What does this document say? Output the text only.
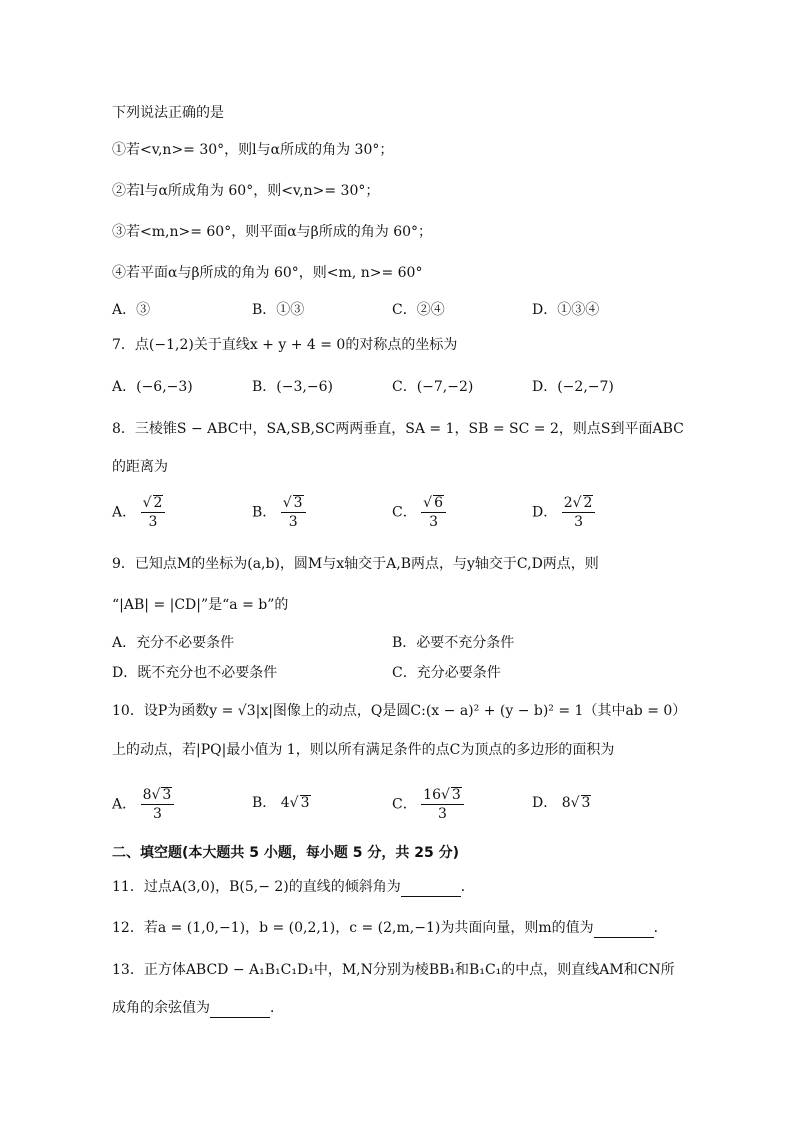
下列说法正确的是
①若<v,n>= 30°，则l与α所成的角为 30°；
②若l与α所成角为 60°，则<v,n>= 30°；
③若<m,n>= 60°，则平面α与β所成的角为 60°；
④若平面α与β所成的角为 60°，则<m, n>= 60°
A．③	B．①③	C．②④	D．①③④
7．点(−1,2)关于直线x + y + 4 = 0的对称点的坐标为
A．(−6,−3)	B．(−3,−6)	C．(−7,−2)	D．(−2,−7)
8．三棱锥S − ABC中，SA,SB,SC两两垂直，SA = 1，SB = SC = 2，则点S到平面ABC
的距离为
A． $\frac{√ 2}{3}$	B． $\frac{√ 3}{3}$	C． $\frac{√ 6}{3}$	D． $\frac{2√ 2}{3}$
9．已知点M的坐标为(a,b)，圆M与x轴交于A,B两点，与y轴交于C,D两点，则
“|AB| = |CD|”是“a = b”的
A．充分不必要条件	B．必要不充分条件
D．既不充分也不必要条件	C．充分必要条件
10．设P为函数y = √3|x|图像上的动点，Q是圆C:(x − a)² + (y − b)² = 1（其中ab = 0）
上的动点，若|PQ|最小值为 1，则以所有满足条件的点C为顶点的多边形的面积为
A． $\frac{8√ 3}{3}$	B． 4√ 3	C． $\frac{16√ 3}{3}$	D． 8√ 3
二、填空题(本大题共 5 小题，每小题 5 分，共 25 分)
11．过点A(3,0)，B(5,− 2)的直线的倾斜角为	．
12．若a = (1,0,−1)，b = (0,2,1)，c = (2,m,−1)为共面向量，则m的值为	．
13．正方体ABCD − A₁B₁C₁D₁中，M,N分别为棱BB₁和B₁C₁的中点，则直线AM和CN所
成角的余弦值为	．
